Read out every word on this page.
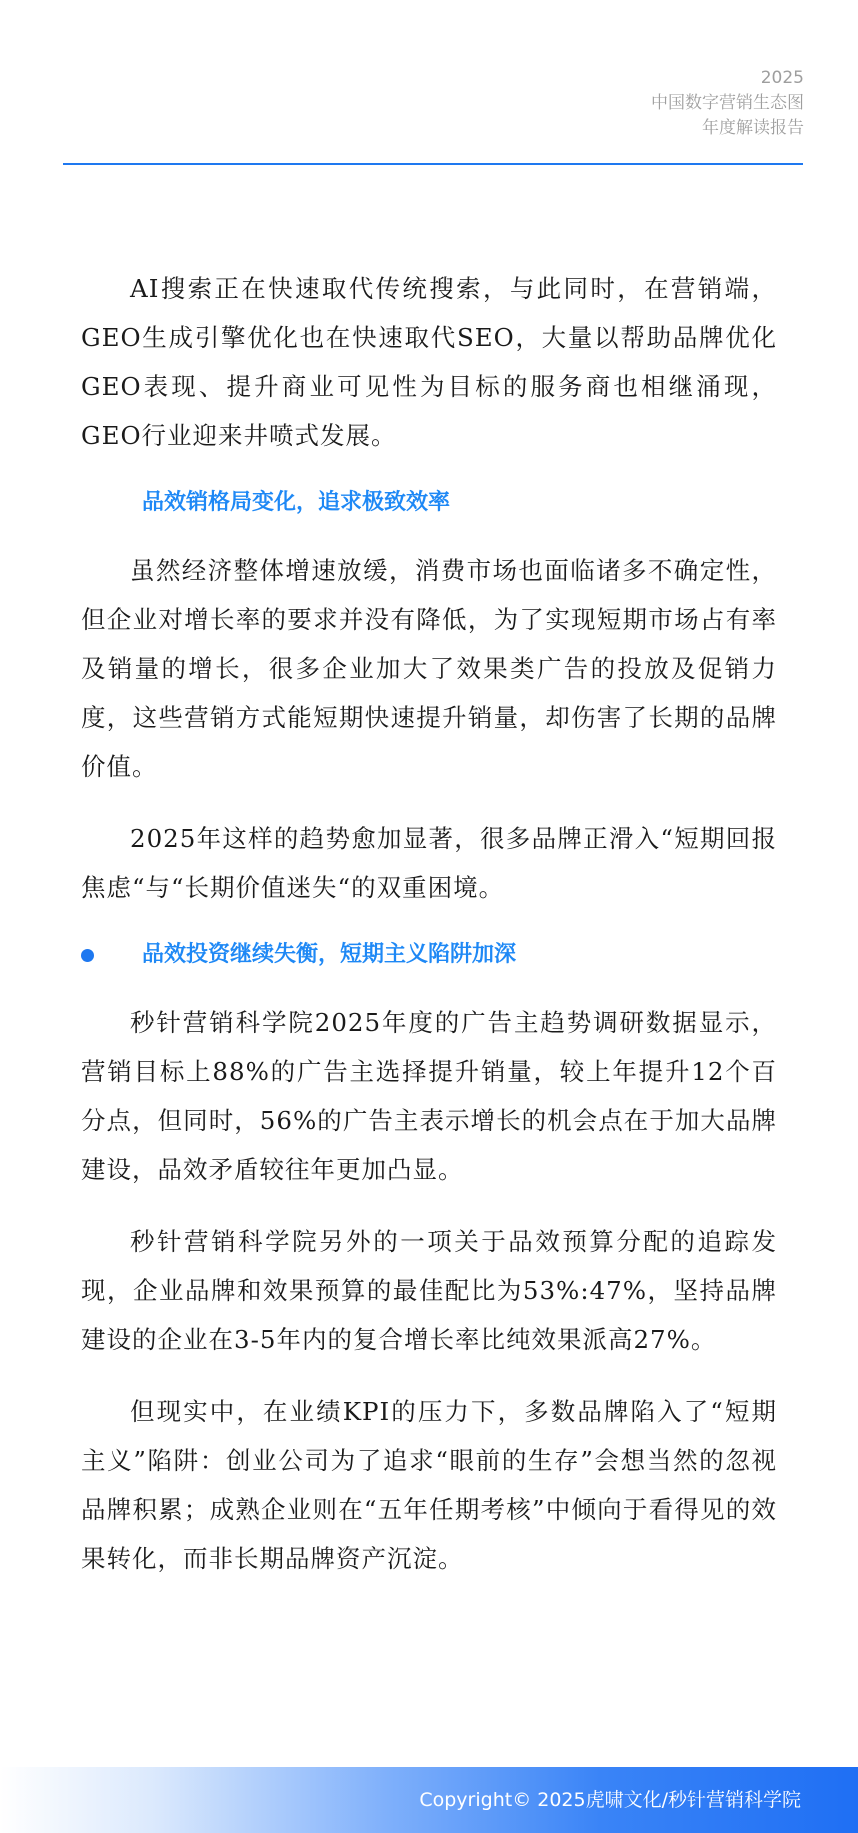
2025
中国数字营销生态图
年度解读报告

AI搜索正在快速取代传统搜索，与此同时，在营销端，GEO生成引擎优化也在快速取代SEO，大量以帮助品牌优化GEO表现、提升商业可见性为目标的服务商也相继涌现，GEO行业迎来井喷式发展。

品效销格局变化，追求极致效率

虽然经济整体增速放缓，消费市场也面临诸多不确定性，但企业对增长率的要求并没有降低，为了实现短期市场占有率及销量的增长，很多企业加大了效果类广告的投放及促销力度，这些营销方式能短期快速提升销量，却伤害了长期的品牌价值。

2025年这样的趋势愈加显著，很多品牌正滑入“短期回报焦虑“与“长期价值迷失“的双重困境。

品效投资继续失衡，短期主义陷阱加深

秒针营销科学院2025年度的广告主趋势调研数据显示，营销目标上88%的广告主选择提升销量，较上年提升12个百分点，但同时，56%的广告主表示增长的机会点在于加大品牌建设，品效矛盾较往年更加凸显。

秒针营销科学院另外的一项关于品效预算分配的追踪发现，企业品牌和效果预算的最佳配比为53%:47%，坚持品牌建设的企业在3-5年内的复合增长率比纯效果派高27%。

但现实中，在业绩KPI的压力下，多数品牌陷入了“短期主义”陷阱：创业公司为了追求“眼前的生存”会想当然的忽视品牌积累；成熟企业则在“五年任期考核”中倾向于看得见的效果转化，而非长期品牌资产沉淀。

Copyright© 2025虎啸文化/秒针营销科学院
